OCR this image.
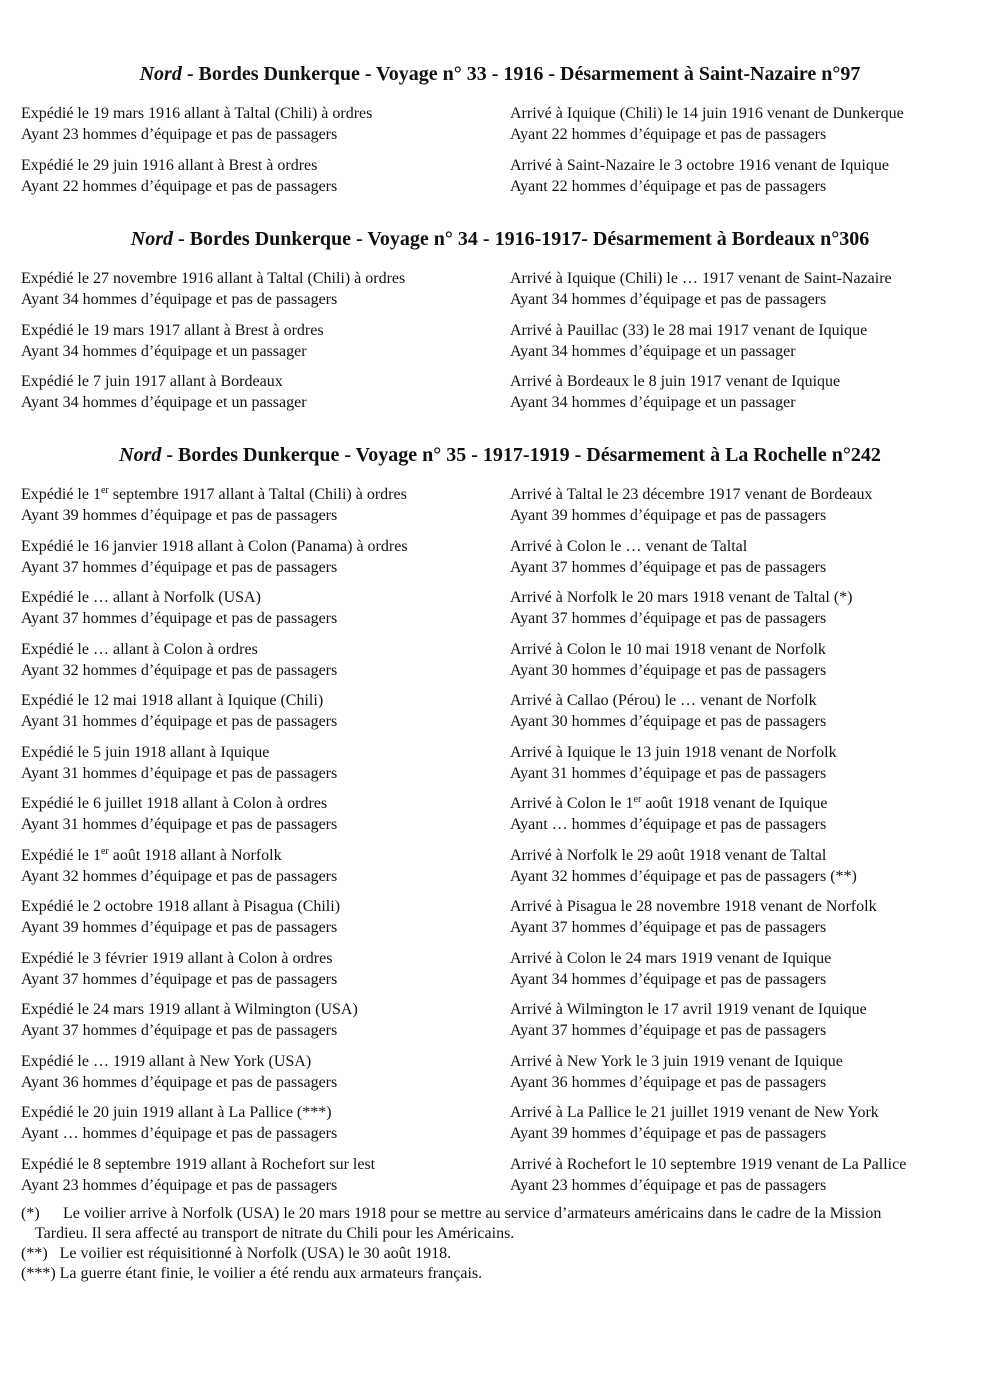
Nord - Bordes Dunkerque - Voyage n° 33 - 1916 - Désarmement à Saint-Nazaire n°97
Expédié le 19 mars 1916 allant à Taltal (Chili) à ordres
Ayant 23 hommes d’équipage et pas de passagers
Arrivé à Iquique (Chili) le 14 juin 1916 venant de Dunkerque
Ayant 22 hommes d’équipage et pas de passagers
Expédié le 29 juin 1916 allant à Brest à ordres
Ayant 22 hommes d’équipage et pas de passagers
Arrivé à Saint-Nazaire le 3 octobre 1916 venant de Iquique
Ayant 22 hommes d’équipage et pas de passagers
Nord - Bordes Dunkerque - Voyage n° 34 - 1916-1917- Désarmement à Bordeaux n°306
Expédié le 27 novembre 1916 allant à Taltal (Chili) à ordres
Ayant 34 hommes d’équipage et pas de passagers
Arrivé à Iquique (Chili) le … 1917 venant de Saint-Nazaire
Ayant 34 hommes d’équipage et pas de passagers
Expédié le 19 mars 1917 allant à Brest à ordres
Ayant 34 hommes d’équipage et un passager
Arrivé à Pauillac (33) le 28 mai 1917 venant de Iquique
Ayant 34 hommes d’équipage et un passager
Expédié le 7 juin 1917 allant à Bordeaux
Ayant 34 hommes d’équipage et un passager
Arrivé à Bordeaux le 8 juin 1917 venant de Iquique
Ayant 34 hommes d’équipage et un passager
Nord - Bordes Dunkerque - Voyage n° 35 - 1917-1919 - Désarmement à La Rochelle n°242
Expédié le 1er septembre 1917 allant à Taltal (Chili) à ordres
Ayant 39 hommes d’équipage et pas de passagers
Arrivé à Taltal le 23 décembre 1917 venant de Bordeaux
Ayant 39 hommes d’équipage et pas de passagers
Expédié le 16 janvier 1918 allant à Colon (Panama) à ordres
Ayant 37 hommes d’équipage et pas de passagers
Arrivé à Colon le … venant de Taltal
Ayant 37 hommes d’équipage et pas de passagers
Expédié le … allant à Norfolk (USA)
Ayant 37 hommes d’équipage et pas de passagers
Arrivé à Norfolk le 20 mars 1918 venant de Taltal (*)
Ayant 37 hommes d’équipage et pas de passagers
Expédié le … allant à Colon à ordres
Ayant 32 hommes d’équipage et pas de passagers
Arrivé à Colon le 10 mai 1918 venant de Norfolk
Ayant 30 hommes d’équipage et pas de passagers
Expédié le 12 mai 1918 allant à Iquique (Chili)
Ayant 31 hommes d’équipage et pas de passagers
Arrivé à Callao (Pérou) le … venant de Norfolk
Ayant 30 hommes d’équipage et pas de passagers
Expédié le 5 juin 1918 allant à Iquique
Ayant 31 hommes d’équipage et pas de passagers
Arrivé à Iquique le 13 juin 1918 venant de Norfolk
Ayant 31 hommes d’équipage et pas de passagers
Expédié le 6 juillet 1918 allant à Colon à ordres
Ayant 31 hommes d’équipage et pas de passagers
Arrivé à Colon le 1er août 1918 venant de Iquique
Ayant … hommes d’équipage et pas de passagers
Expédié le 1er août 1918 allant à Norfolk
Ayant 32 hommes d’équipage et pas de passagers
Arrivé à Norfolk le 29 août 1918 venant de Taltal
Ayant 32 hommes d’équipage et pas de passagers (**)
Expédié le 2 octobre 1918 allant à Pisagua (Chili)
Ayant 39 hommes d’équipage et pas de passagers
Arrivé à Pisagua le 28 novembre 1918 venant de Norfolk
Ayant 37 hommes d’équipage et pas de passagers
Expédié le 3 février 1919 allant à Colon à ordres
Ayant 37 hommes d’équipage et pas de passagers
Arrivé à Colon le 24 mars 1919 venant de Iquique
Ayant 34 hommes d’équipage et pas de passagers
Expédié le 24 mars 1919 allant à Wilmington (USA)
Ayant 37 hommes d’équipage et pas de passagers
Arrivé à Wilmington le 17 avril 1919 venant de Iquique
Ayant 37 hommes d’équipage et pas de passagers
Expédié le … 1919 allant à New York (USA)
Ayant 36 hommes d’équipage et pas de passagers
Arrivé à New York le 3 juin 1919 venant de Iquique
Ayant 36 hommes d’équipage et pas de passagers
Expédié le 20 juin 1919 allant à La Pallice (***)
Ayant … hommes d’équipage et pas de passagers
Arrivé à La Pallice le 21 juillet 1919 venant de New York
Ayant 39 hommes d’équipage et pas de passagers
Expédié le 8 septembre 1919 allant à Rochefort sur lest
Ayant 23 hommes d’équipage et pas de passagers
Arrivé à Rochefort le 10 septembre 1919 venant de La Pallice
Ayant 23 hommes d’équipage et pas de passagers
(*) Le voilier arrive à Norfolk (USA) le 20 mars 1918 pour se mettre au service d’armateurs américains dans le cadre de la Mission
Tardieu. Il sera affecté au transport de nitrate du Chili pour les Américains.
(**) Le voilier est réquisitionné à Norfolk (USA) le 30 août 1918.
(***) La guerre étant finie, le voilier a été rendu aux armateurs français.
